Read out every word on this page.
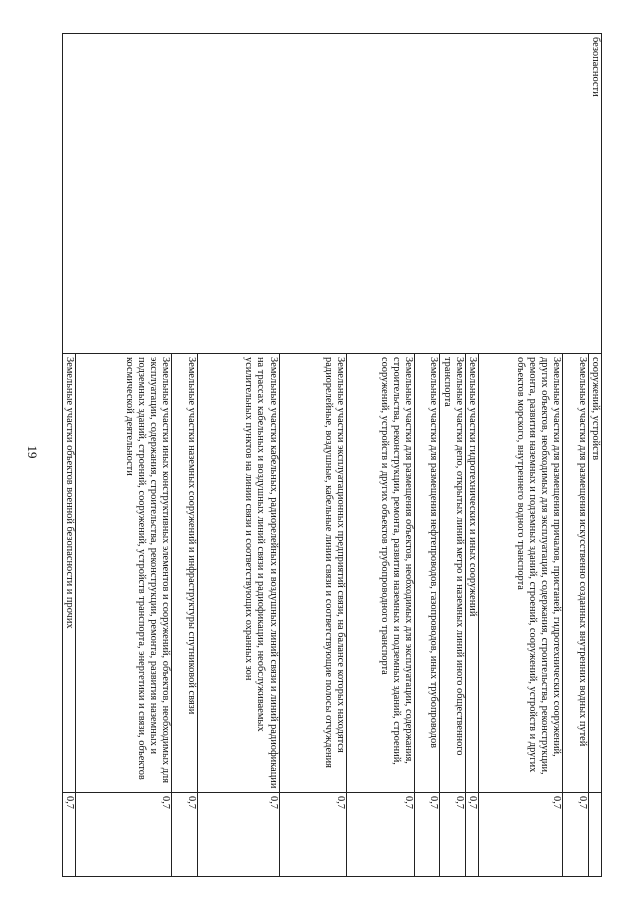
19
безопасности	сооружений, устройств	
	Земельные участки для размещения искусственно созданных внутренних водных путей	0,7
	Земельные участки для размещения причалов, пристаней, гидротехнических сооружений, других объектов, необходимых для эксплуатации, содержания, строительства, реконструкции, ремонта, развития наземных и подземных зданий, строений, сооружений, устройств и других объектов морского, внутреннего водного транспорта	0,7
	Земельные участки гидротехнических и иных сооружений	0,7
	Земельные участки депо, открытых линий метро и наземных линий иного общественного транспорта	0,7
	Земельные участки для размещения нефтепроводов, газопроводов, иных трубопроводов	0,7
	Земельные участки для размещения объектов, необходимых для эксплуатации, содержания, строительства, реконструкции, ремонта, развития наземных и подземных зданий, строений, сооружений, устройств и других объектов трубопроводного транспорта	0,7
	Земельные участки эксплуатационных предприятий связи, на балансе которых находятся радиорелейные, воздушные, кабельные линии связи и соответствующие полосы отчуждения	0,7
	Земельные участки кабельных, радиорелейных и воздушных линий связи и линий радиофикации на трассах кабельных и воздушных линий связи и радиофикации, необслуживаемых усилительных пунктов на линии связи и соответствующих охранных зон	0,7
	Земельные участки наземных сооружений и инфраструктуры спутниковой связи	0,7
	Земельные участки иных конструктивных элементов и сооружений, объектов, необходимых для эксплуатации, содержания, строительства, реконструкции, ремонта, развития наземных и подземных зданий, строений, сооружений, устройств транспорта, энергетики и связи, объектов космической деятельности	0,7
	Земельные участки объектов военной безопасности и прочих	0,7
